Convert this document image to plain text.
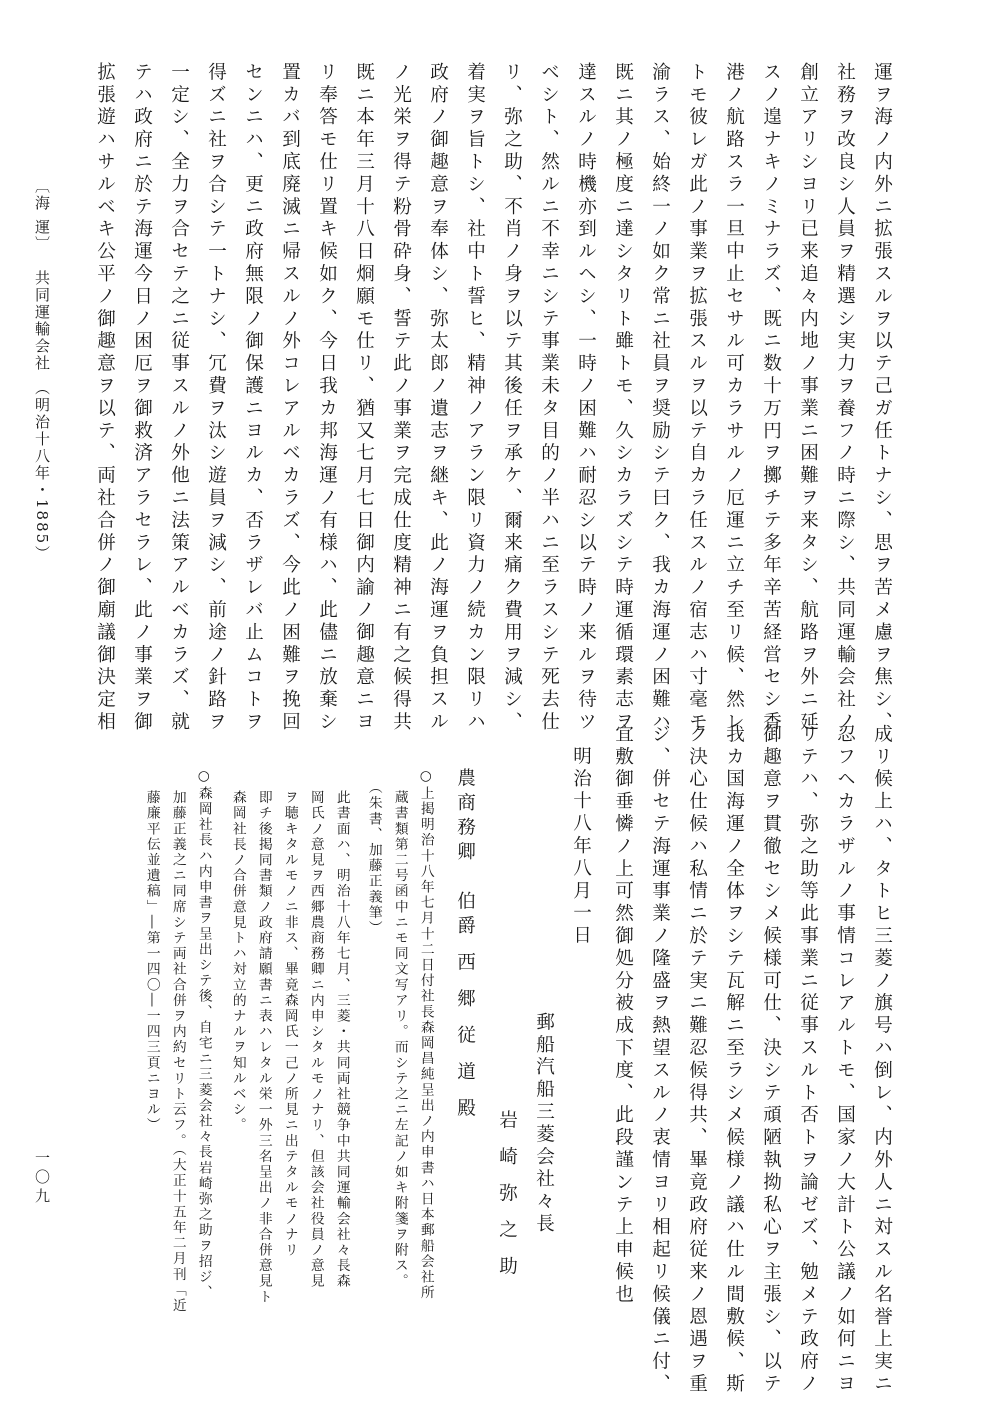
〔海 運〕
共同運輸会社
（明治十八年・1885）
一〇九
運ヲ海ノ内外ニ拡張スルヲ以テ己ガ任トナシ、思ヲ苦メ慮ヲ焦シ、
社務ヲ改良シ人員ヲ精選シ実力ヲ養フノ時ニ際シ、共同運輸会社ノ
創立アリシヨリ已来追々内地ノ事業ニ困難ヲ来タシ、航路ヲ外ニ延
スノ遑ナキノミナラズ、既ニ数十万円ヲ擲チテ多年辛苦経営セシ香
港ノ航路スラ一旦中止セサル可カラサルノ厄運ニ立チ至リ候、然レ
トモ彼レガ此ノ事業ヲ拡張スルヲ以テ自カラ任スルノ宿志ハ寸毫モ
渝ラス、始終一ノ如ク常ニ社員ヲ奨励シテ曰ク、我カ海運ノ困難ハ
既ニ其ノ極度ニ達シタリト雖トモ、久シカラズシテ時運循環素志ヲ
達スルノ時機亦到ルヘシ、一時ノ困難ハ耐忍シ以テ時ノ来ルヲ待ツ
ベシト、然ルニ不幸ニシテ事業未タ目的ノ半ハニ至ラスシテ死去仕
リ、弥之助、不肖ノ身ヲ以テ其後任ヲ承ケ、爾来痛ク費用ヲ減シ、
着実ヲ旨トシ、社中ト誓ヒ、精神ノアラン限リ資力ノ続カン限リハ
政府ノ御趣意ヲ奉体シ、弥太郎ノ遺志ヲ継キ、此ノ海運ヲ負担スル
ノ光栄ヲ得テ粉骨砕身、誓テ此ノ事業ヲ完成仕度精神ニ有之候得共
既ニ本年三月十八日烱願モ仕リ、猶又七月七日御内諭ノ御趣意ニヨ
リ奉答モ仕リ置キ候如ク、今日我カ邦海運ノ有様ハ、此儘ニ放棄シ
置カバ到底廃滅ニ帰スルノ外コレアルベカラズ、今此ノ困難ヲ挽回
センニハ、更ニ政府無限ノ御保護ニヨルカ、否ラザレバ止ムコトヲ
得ズニ社ヲ合シテ一トナシ、冗費ヲ汰シ遊員ヲ減シ、前途ノ針路ヲ
一定シ、全力ヲ合セテ之ニ従事スルノ外他ニ法策アルベカラズ、就
テハ政府ニ於テ海運今日ノ困厄ヲ御救済アラセラレ、此ノ事業ヲ御
拡張遊ハサルベキ公平ノ御趣意ヲ以テ、両社合併ノ御廟議御決定相
成リ候上ハ、タトヒ三菱ノ旗号ハ倒レ、内外人ニ対スル名誉上実ニ
忍フヘカラザルノ事情コレアルトモ、国家ノ大計ト公議ノ如何ニヨ
リテハ、弥之助等此事業ニ従事スルト否トヲ論ゼズ、勉メテ政府ノ
御趣意ヲ貫徹セシメ候様可仕、決シテ頑陋執拗私心ヲ主張シ、以テ
我カ国海運ノ全体ヲシテ瓦解ニ至ラシメ候様ノ議ハ仕ル間敷候、斯
ク決心仕候ハ私情ニ於テ実ニ難忍候得共、畢竟政府従来ノ恩遇ヲ重
ジ、併セテ海運事業ノ隆盛ヲ熱望スルノ衷情ヨリ相起リ候儀ニ付、
宜敷御垂憐ノ上可然御処分被成下度、此段謹ンテ上申候也
明治十八年八月一日
郵船汽船三菱会社々長
岩 崎 弥 之 助
農商務卿　伯爵 西 郷 従 道 殿
○上掲明治十八年七月十二日付社長森岡昌純呈出ノ内申書ハ日本郵船会社所
蔵書類第二号函中ニモ同文写アリ。而シテ之ニ左記ノ如キ附箋ヲ附ス。
（朱書、加藤正義筆）
此書面ハ、明治十八年七月、三菱・共同両社競争中共同運輸会社々長森
岡氏ノ意見ヲ西郷農商務卿ニ内申シタルモノナリ、但該会社役員ノ意見
ヲ聴キタルモノニ非ス、畢竟森岡氏一己ノ所見ニ出テタルモノナリ
即チ後掲同書類ノ政府請願書ニ表ハレタル栄一外三名呈出ノ非合併意見ト
森岡社長ノ合併意見トハ対立的ナルヲ知ルベシ。
○森岡社長ハ内申書ヲ呈出シテ後、自宅ニ三菱会社々長岩崎弥之助ヲ招ジ、
加藤正義之ニ同席シテ両社合併ヲ内約セリト云フ。（大正十五年二月刊「近
藤廉平伝並遺稿」―第一四〇―一四三頁ニヨル）
